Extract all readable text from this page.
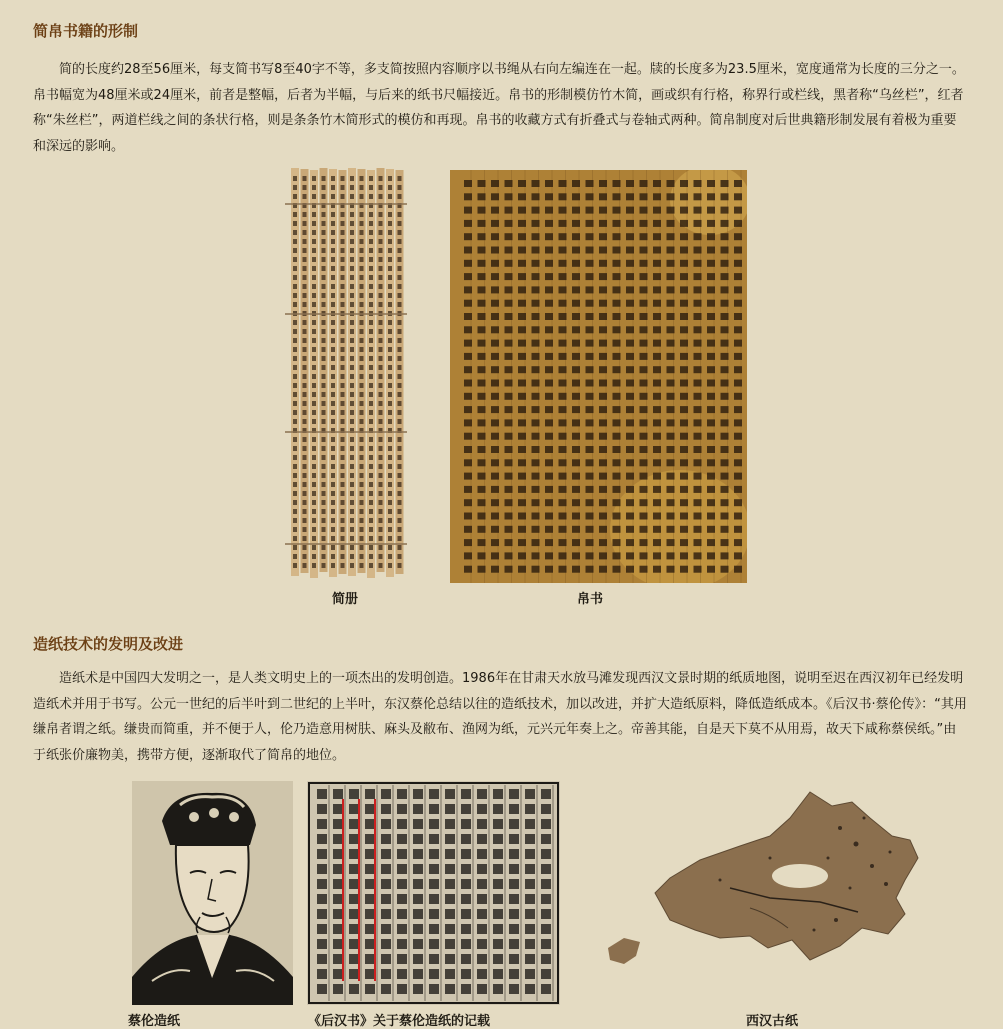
简帛书籍的形制

简的长度约28至56厘米，每支简书写8至40字不等，多支简按照内容顺序以书绳从右向左编连在一起。牍的长度多为23.5厘米，宽度通常为长度的三分之一。帛书幅宽为48厘米或24厘米，前者是整幅，后者为半幅，与后来的纸书尺幅接近。帛书的形制模仿竹木简，画或织有行格，称界行或栏线，黑者称“乌丝栏”，红者称“朱丝栏”，两道栏线之间的条状行格，则是条条竹木简形式的模仿和再现。帛书的收藏方式有折叠式与卷轴式两种。简帛制度对后世典籍形制发展有着极为重要和深远的影响。

简册	帛书
造纸技术的发明及改进

造纸术是中国四大发明之一，是人类文明史上的一项杰出的发明创造。1986年在甘肃天水放马滩发现西汉文景时期的纸质地图，说明至迟在西汉初年已经发明造纸术并用于书写。公元一世纪的后半叶到二世纪的上半叶，东汉蔡伦总结以往的造纸技术，加以改进，并扩大造纸原料，降低造纸成本。《后汉书·蔡伦传》：“其用缣帛者谓之纸。缣贵而简重，并不便于人，伦乃造意用树肤、麻头及敝布、渔网为纸，元兴元年奏上之。帝善其能，自是天下莫不从用焉，故天下咸称蔡侯纸。”由于纸张价廉物美，携带方便，逐渐取代了简帛的地位。

蔡伦造纸	《后汉书》关于蔡伦造纸的记载	西汉古纸
